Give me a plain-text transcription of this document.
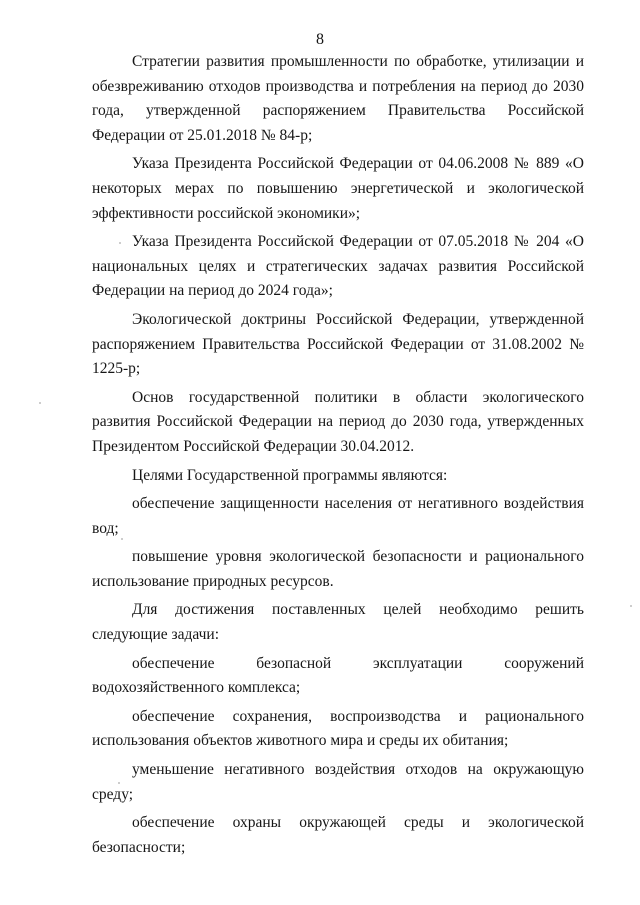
8

Стратегии развития промышленности по обработке, утилизации и обезвреживанию отходов производства и потребления на период до 2030 года, утвержденной распоряжением Правительства Российской Федерации от 25.01.2018 № 84-р;

Указа Президента Российской Федерации от 04.06.2008 № 889 «О некоторых мерах по повышению энергетической и экологической эффективности российской экономики»;

Указа Президента Российской Федерации от 07.05.2018 № 204 «О национальных целях и стратегических задачах развития Российской Федерации на период до 2024 года»;

Экологической доктрины Российской Федерации, утвержденной распоряжением Правительства Российской Федерации от 31.08.2002 № 1225-р;

Основ государственной политики в области экологического развития Российской Федерации на период до 2030 года, утвержденных Президентом Российской Федерации 30.04.2012.

Целями Государственной программы являются:

обеспечение защищенности населения от негативного воздействия вод;

повышение уровня экологической безопасности и рационального использование природных ресурсов.

Для достижения поставленных целей необходимо решить следующие задачи:

обеспечение безопасной эксплуатации сооружений водохозяйственного комплекса;

обеспечение сохранения, воспроизводства и рационального использования объектов животного мира и среды их обитания;

уменьшение негативного воздействия отходов на окружающую среду;

обеспечение охраны окружающей среды и экологической безопасности;
